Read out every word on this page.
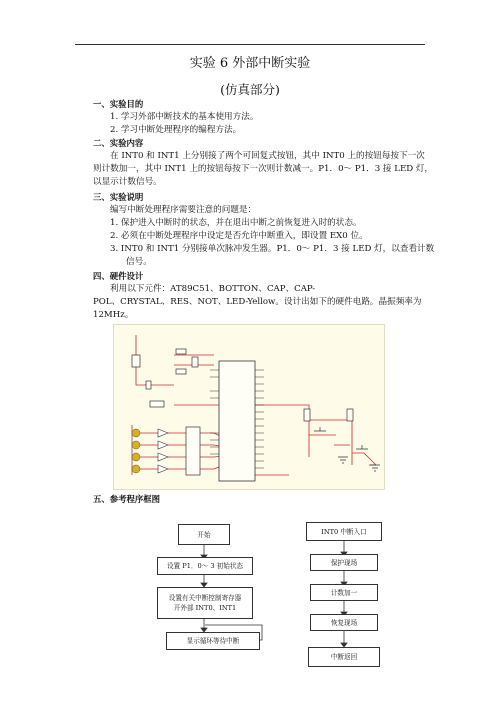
实验 6 外部中断实验
(仿真部分)
一、实验目的
1. 学习外部中断技术的基本使用方法。
2. 学习中断处理程序的编程方法。
二、实验内容
在 INT0 和 INT1 上分别接了两个可回复式按钮，其中 INT0 上的按钮每按下一次
则计数加一，其中 INT1 上的按钮每按下一次则计数减一。P1．0～ P1．3 接 LED 灯，
以显示计数信号。
三、实验说明
编写中断处理程序需要注意的问题是：
1. 保护进入中断时的状态，并在退出中断之前恢复进入时的状态。
2. 必须在中断处理程序中设定是否允许中断重入，即设置 EX0 位。
3. INT0 和 INT1 分别接单次脉冲发生器。P1．0～ P1．3 接 LED 灯，以查看计数
信号。
四、硬件设计
利用以下元件：AT89C51、BOTTON、CAP、CAP-
POL、CRYSTAL、RES、NOT、LED-Yellow。设计出如下的硬件电路。晶振频率为
12MHz。
五、参考程序框图
开始
设置 P1．0～ 3 初始状态
设置有关中断控制寄存器
开外部 INT0、INT1
显示循环等待中断
INT0 中断入口
保护现场
计数加一
恢复现场
中断返回
